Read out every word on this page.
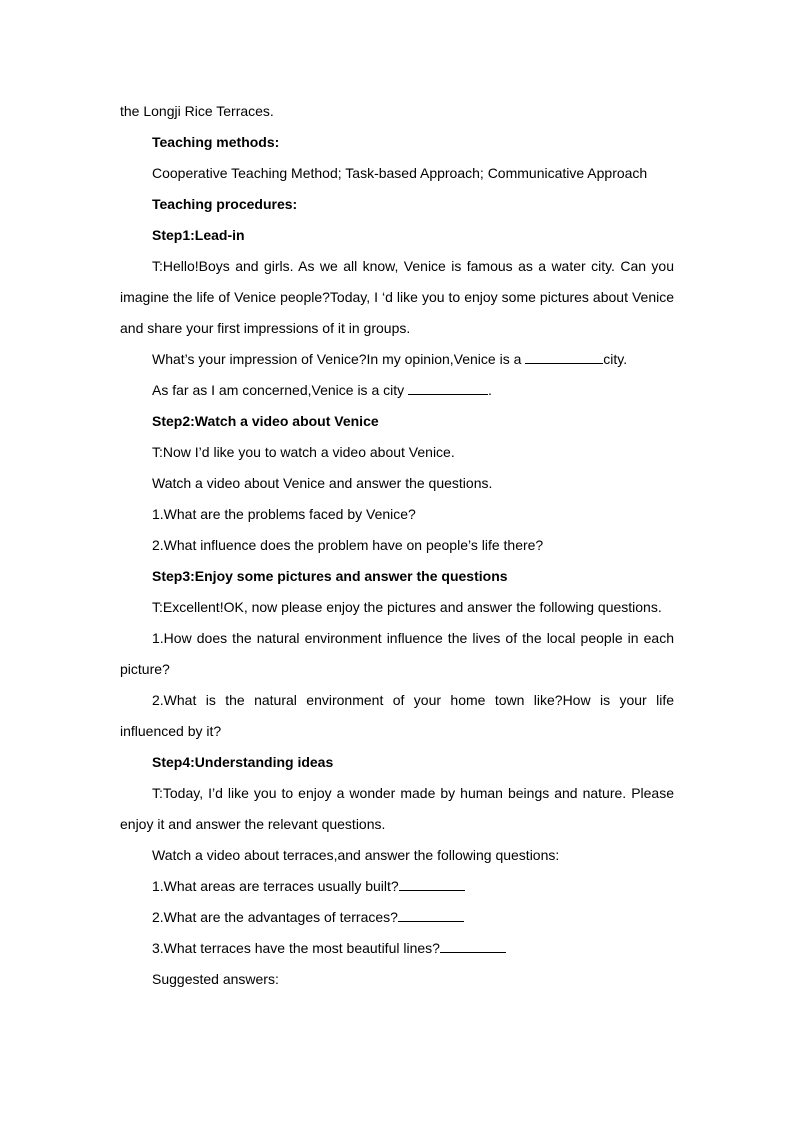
the Longji Rice Terraces.

Teaching methods:

Cooperative Teaching Method; Task-based Approach; Communicative Approach

Teaching procedures:

Step1:Lead-in

T:Hello!Boys and girls. As we all know, Venice is famous as a water city. Can you imagine the life of Venice people?Today, I ‘d like you to enjoy some pictures about Venice and share your first impressions of it in groups.

What’s your impression of Venice?In my opinion,Venice is a	city.

As far as I am concerned,Venice is a city	.

Step2:Watch a video about Venice

T:Now I’d like you to watch a video about Venice.

Watch a video about Venice and answer the questions.

1.What are the problems faced by Venice?

2.What influence does the problem have on people’s life there?

Step3:Enjoy some pictures and answer the questions

T:Excellent!OK, now please enjoy the pictures and answer the following questions.

1.How does the natural environment influence the lives of the local people in each picture?

2.What is the natural environment of your home town like?How is your life influenced by it?

Step4:Understanding ideas

T:Today, I’d like you to enjoy a wonder made by human beings and nature. Please enjoy it and answer the relevant questions.

Watch a video about terraces,and answer the following questions:

1.What areas are terraces usually built?

2.What are the advantages of terraces?

3.What terraces have the most beautiful lines?

Suggested answers:
